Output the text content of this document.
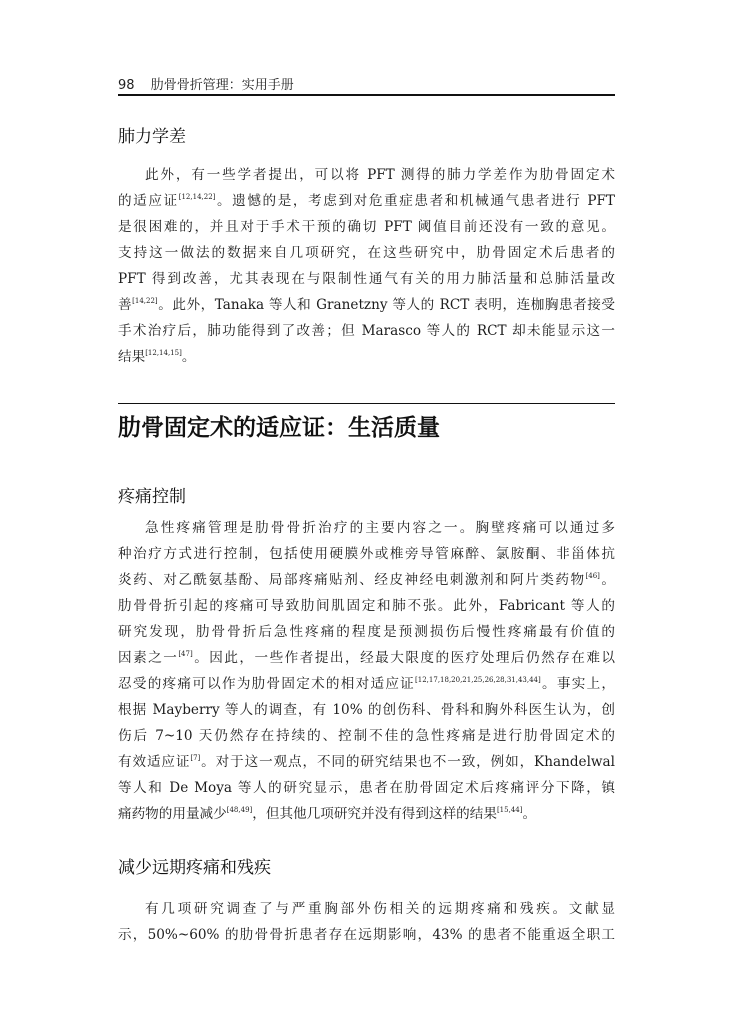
98 肋骨骨折管理：实用手册
肺力学差
此外，有一些学者提出，可以将 PFT 测得的肺力学差作为肋骨固定术
的适应证[12,14,22]。遗憾的是，考虑到对危重症患者和机械通气患者进行 PFT
是很困难的，并且对于手术干预的确切 PFT 阈值目前还没有一致的意见。
支持这一做法的数据来自几项研究，在这些研究中，肋骨固定术后患者的
PFT 得到改善，尤其表现在与限制性通气有关的用力肺活量和总肺活量改
善[14,22]。此外，Tanaka 等人和 Granetzny 等人的 RCT 表明，连枷胸患者接受
手术治疗后，肺功能得到了改善；但 Marasco 等人的 RCT 却未能显示这一
结果[12,14,15]。
肋骨固定术的适应证：生活质量
疼痛控制
急性疼痛管理是肋骨骨折治疗的主要内容之一。胸壁疼痛可以通过多
种治疗方式进行控制，包括使用硬膜外或椎旁导管麻醉、氯胺酮、非甾体抗
炎药、对乙酰氨基酚、局部疼痛贴剂、经皮神经电刺激剂和阿片类药物[46]。
肋骨骨折引起的疼痛可导致肋间肌固定和肺不张。此外，Fabricant 等人的
研究发现，肋骨骨折后急性疼痛的程度是预测损伤后慢性疼痛最有价值的
因素之一[47]。因此，一些作者提出，经最大限度的医疗处理后仍然存在难以
忍受的疼痛可以作为肋骨固定术的相对适应证[12,17,18,20,21,25,26,28,31,43,44]。事实上，
根据 Mayberry 等人的调查，有 10% 的创伤科、骨科和胸外科医生认为，创
伤后 7~10 天仍然存在持续的、控制不佳的急性疼痛是进行肋骨固定术的
有效适应证[7]。对于这一观点，不同的研究结果也不一致，例如，Khandelwal
等人和 De Moya 等人的研究显示，患者在肋骨固定术后疼痛评分下降，镇
痛药物的用量减少[48,49]，但其他几项研究并没有得到这样的结果[15,44]。
减少远期疼痛和残疾
有几项研究调查了与严重胸部外伤相关的远期疼痛和残疾。文献显
示，50%~60% 的肋骨骨折患者存在远期影响，43% 的患者不能重返全职工
